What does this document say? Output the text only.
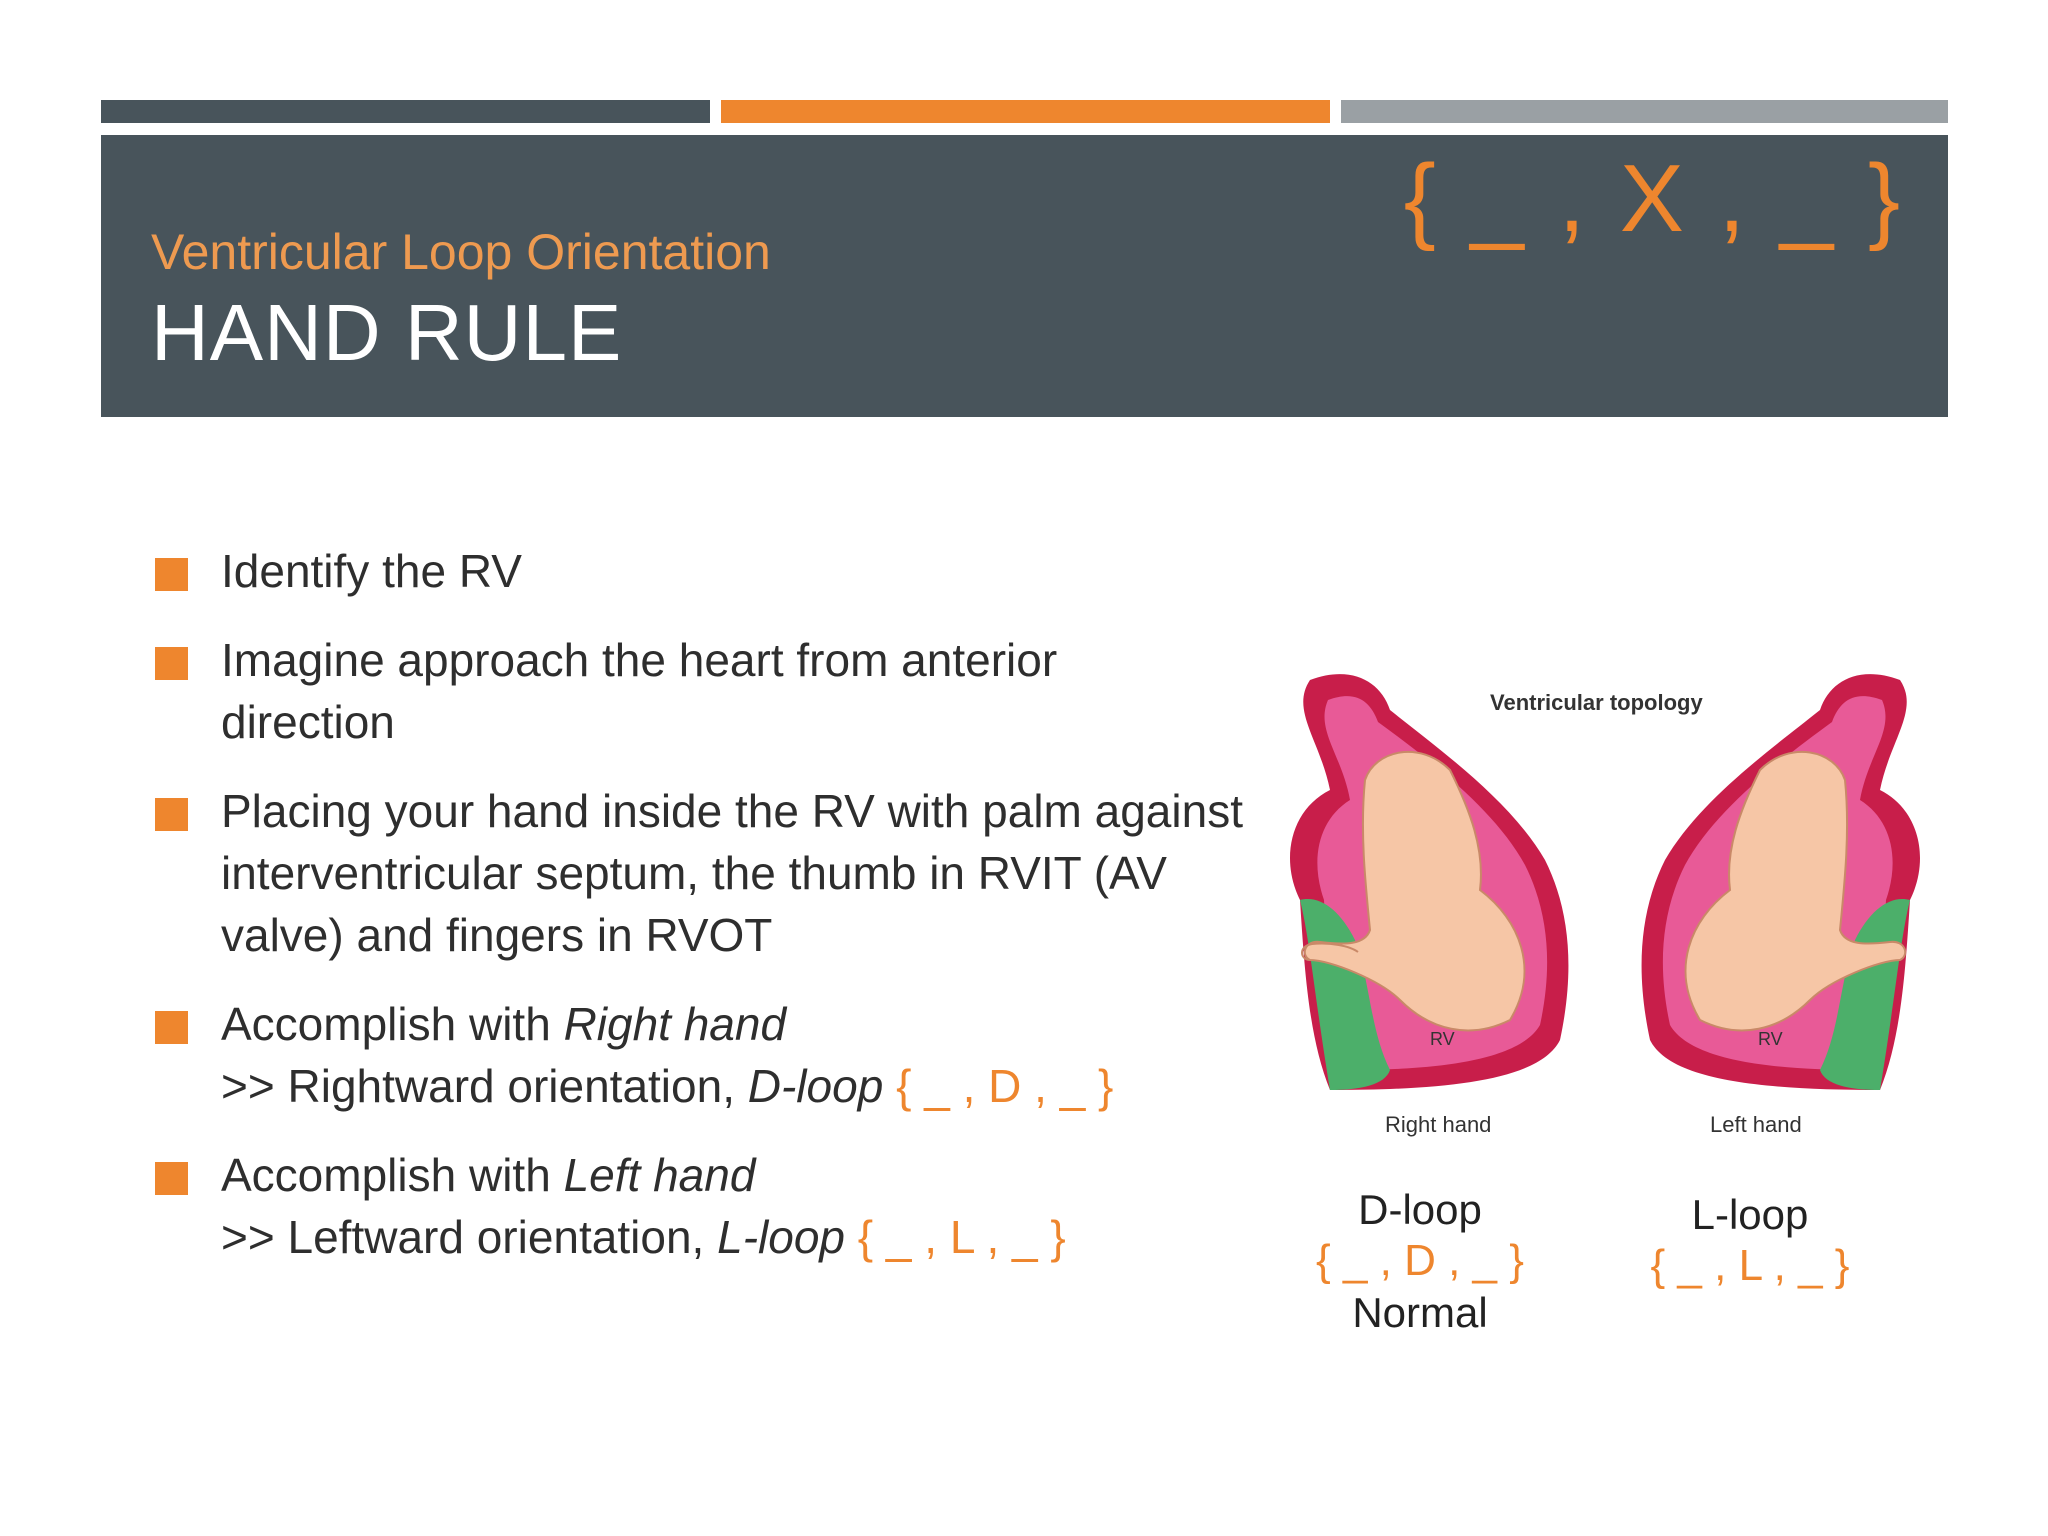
Ventricular Loop Orientation
HAND RULE
{ _ , X , _ }
Identify the RV
Imagine approach the heart from anterior direction
Placing your hand inside the RV with palm against interventricular septum, the thumb in RVIT (AV valve) and fingers in RVOT
Accomplish with Right hand
>> Rightward orientation, D-loop { _ , D , _ }
Accomplish with Left hand
>> Leftward orientation, L-loop { _ , L , _ }
RV	RV
Ventricular topology
Right hand	Left hand
D-loop
{ _ , D , _ }
Normal
L-loop
{ _ , L , _ }
